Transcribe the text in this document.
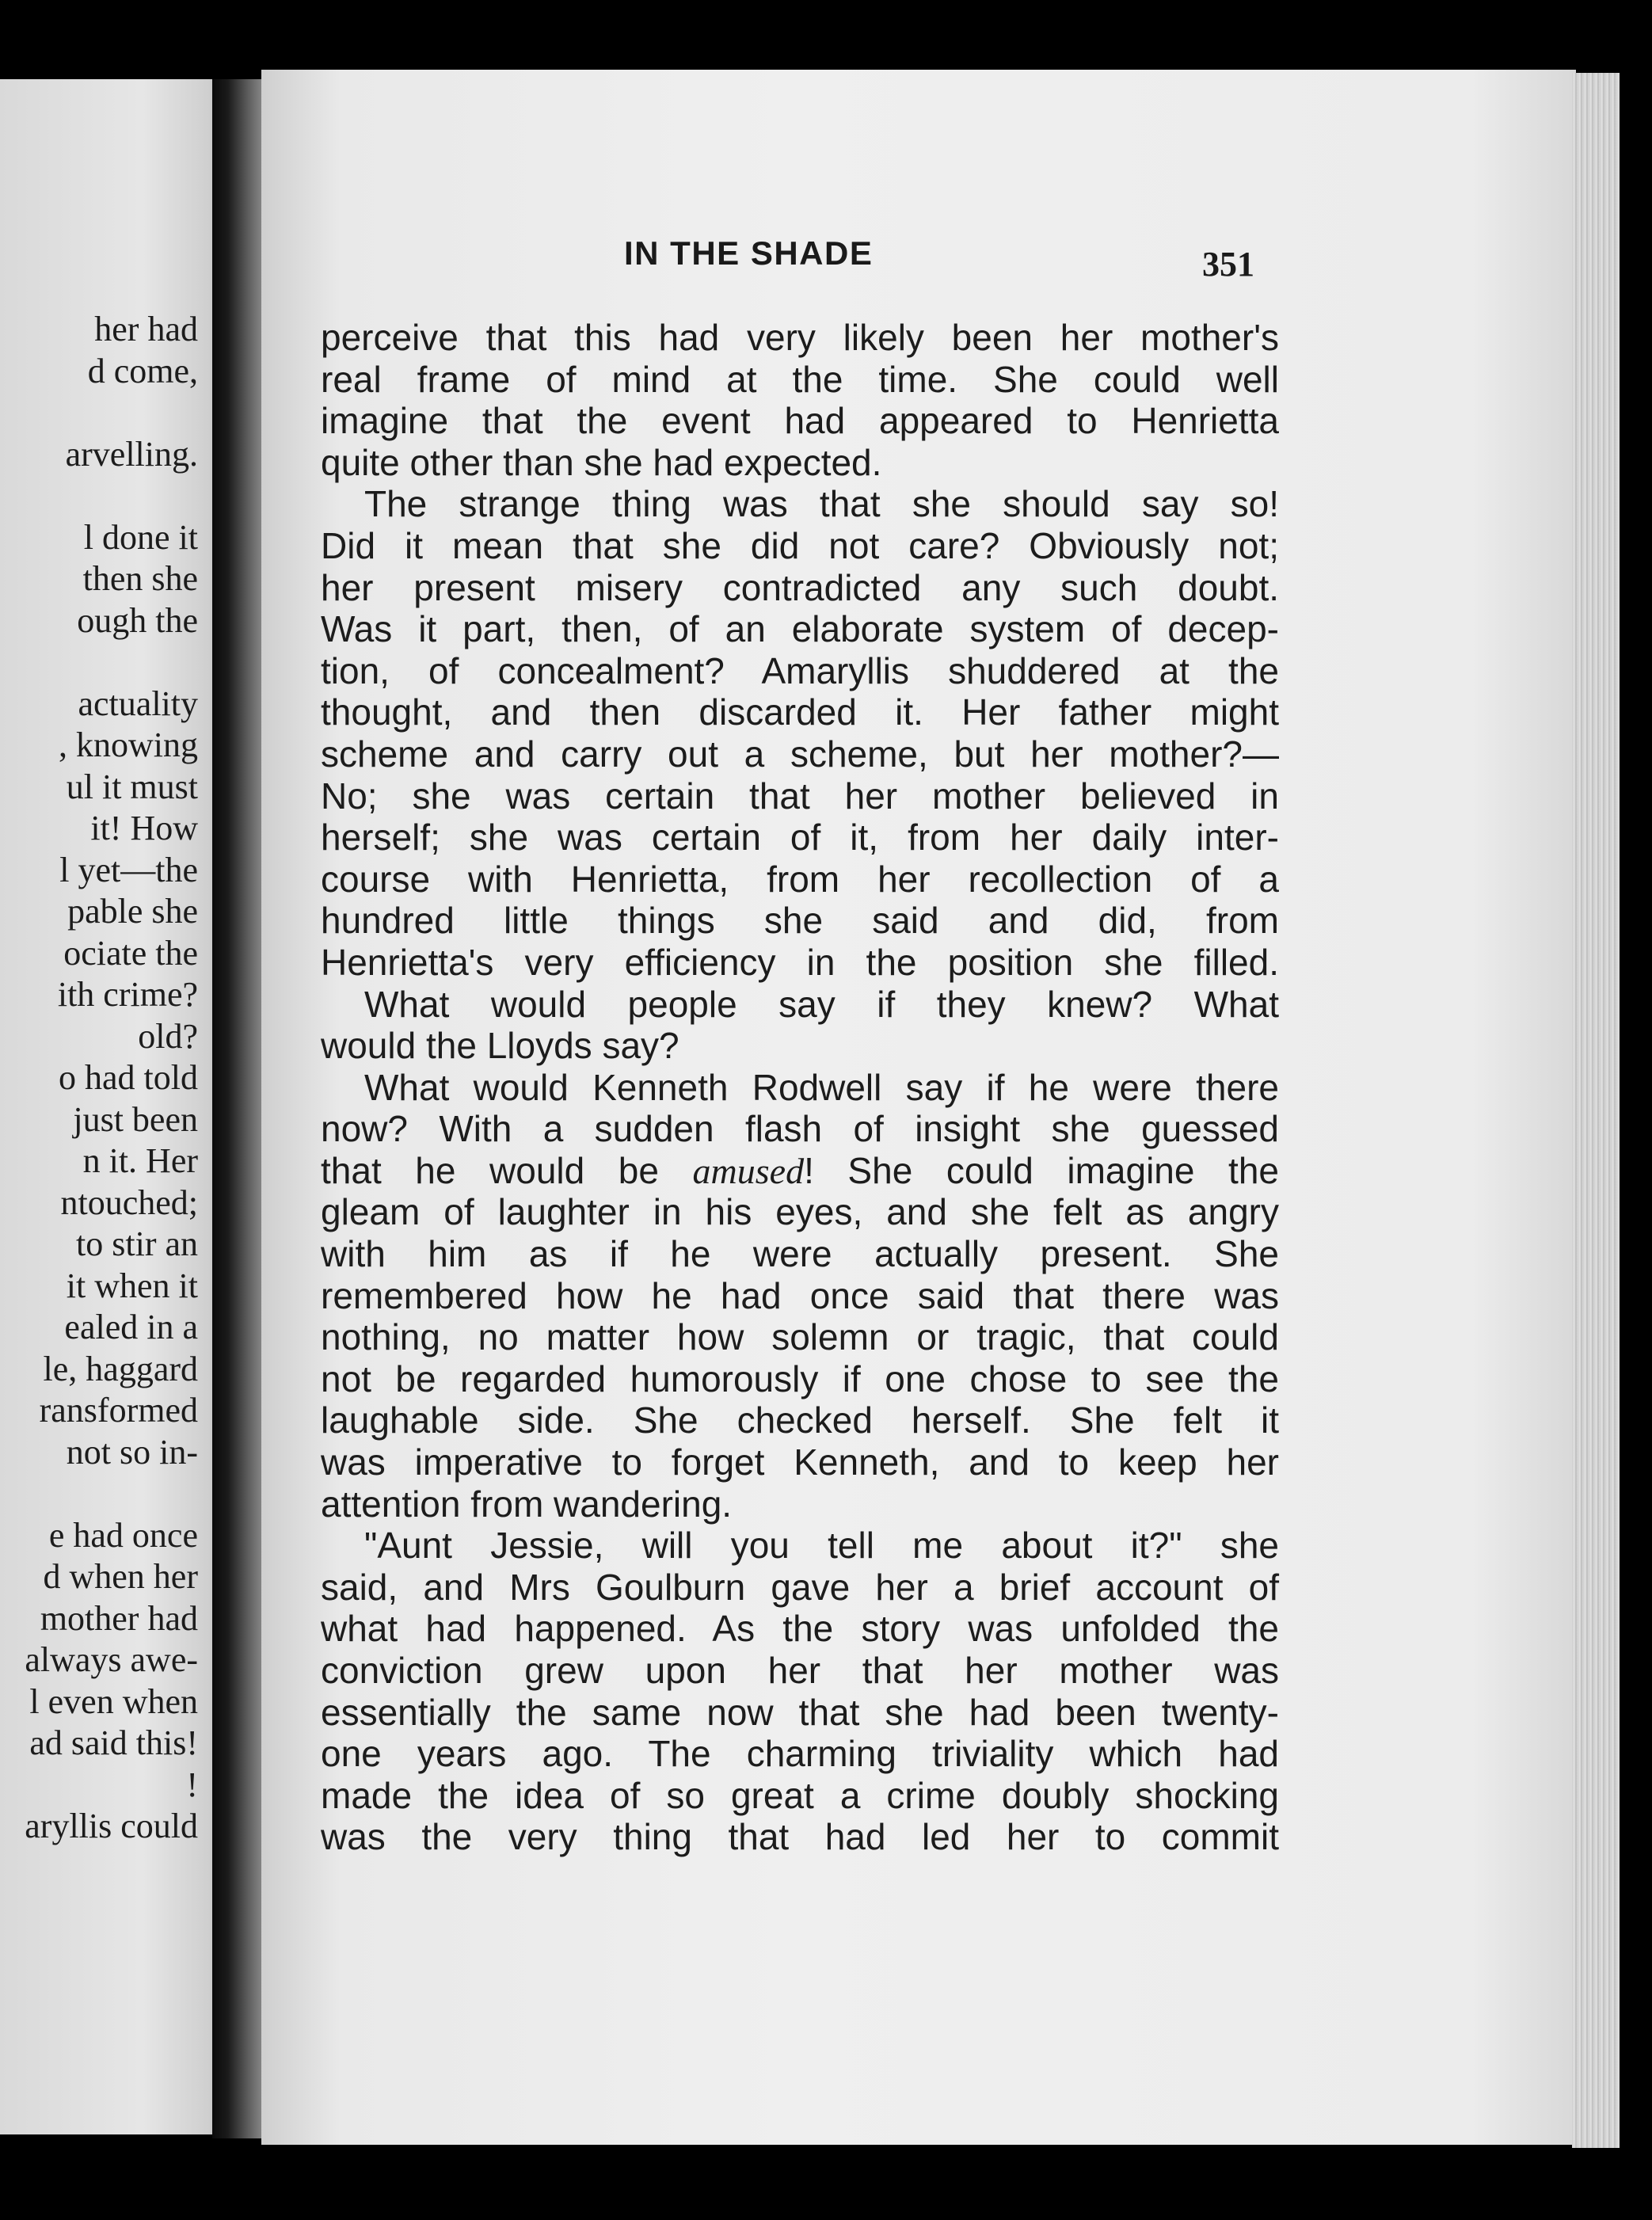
her had
d come,

arvelling.

l done it
then she
ough the

actuality
, knowing
ul it must
it! How
l yet—the
pable she
ociate the
ith crime?
old?
o had told
just been
n it. Her
ntouched;
to stir an
it when it
ealed in a
le, haggard
ransformed
not so in-

e had once
d when her
mother had
always awe-
l even when
ad said this!
!
aryllis could
IN THE SHADE	351
perceive that this had very likely been her mother's
real frame of mind at the time. She could well
imagine that the event had appeared to Henrietta
quite other than she had expected.
The strange thing was that she should say so!
Did it mean that she did not care? Obviously not;
her present misery contradicted any such doubt.
Was it part, then, of an elaborate system of decep-
tion, of concealment? Amaryllis shuddered at the
thought, and then discarded it. Her father might
scheme and carry out a scheme, but her mother?—
No; she was certain that her mother believed in
herself; she was certain of it, from her daily inter-
course with Henrietta, from her recollection of a
hundred little things she said and did, from
Henrietta's very efficiency in the position she filled.
What would people say if they knew? What
would the Lloyds say?
What would Kenneth Rodwell say if he were there
now? With a sudden flash of insight she guessed
that he would be amused! She could imagine the
gleam of laughter in his eyes, and she felt as angry
with him as if he were actually present. She
remembered how he had once said that there was
nothing, no matter how solemn or tragic, that could
not be regarded humorously if one chose to see the
laughable side. She checked herself. She felt it
was imperative to forget Kenneth, and to keep her
attention from wandering.
"Aunt Jessie, will you tell me about it?" she
said, and Mrs Goulburn gave her a brief account of
what had happened. As the story was unfolded the
conviction grew upon her that her mother was
essentially the same now that she had been twenty-
one years ago. The charming triviality which had
made the idea of so great a crime doubly shocking
was the very thing that had led her to commit
